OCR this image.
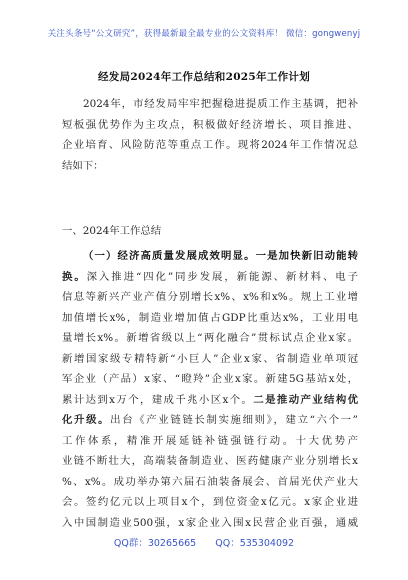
关注头条号“公文研究”，获得最新最全最专业的公文资料库！ 微信：gongwenyj
经发局2024年工作总结和2025年工作计划
2024年，市经发局牢牢把握稳进提质工作主基调，把补
短板强优势作为主攻点，积极做好经济增长、项目推进、
企业培育、风险防范等重点工作。现将2024年工作情况总
结如下：
一、2024年工作总结
（一）经济高质量发展成效明显。一是加快新旧动能转
换。深入推进“四化”同步发展，新能源、新材料、电子
信息等新兴产业产值分别增长x%、x%和x%。规上工业增
加值增长x%，制造业增加值占GDP比重达x%，工业用电
量增长x%。新增省级以上“两化融合”贯标试点企业x家。
新增国家级专精特新“小巨人”企业x家、省制造业单项冠
军企业（产品）x家、“瞪羚”企业x家。新建5G基站x处，
累计达到x万个，建成千兆小区x个。二是推动产业结构优
化升级。出台《产业链链长制实施细则》，建立“六个一”
工作体系，精准开展延链补链强链行动。十大优势产
业链不断壮大，高端装备制造业、医药健康产业分别增长x
%、x%。成功举办第六届石油装备展会、首届光伏产业大
会。签约亿元以上项目x个，到位资金x亿元。x家企业进
入中国制造业500强，x家企业入围x民营企业百强，通威
QQ群：30265665 QQ：535304092
